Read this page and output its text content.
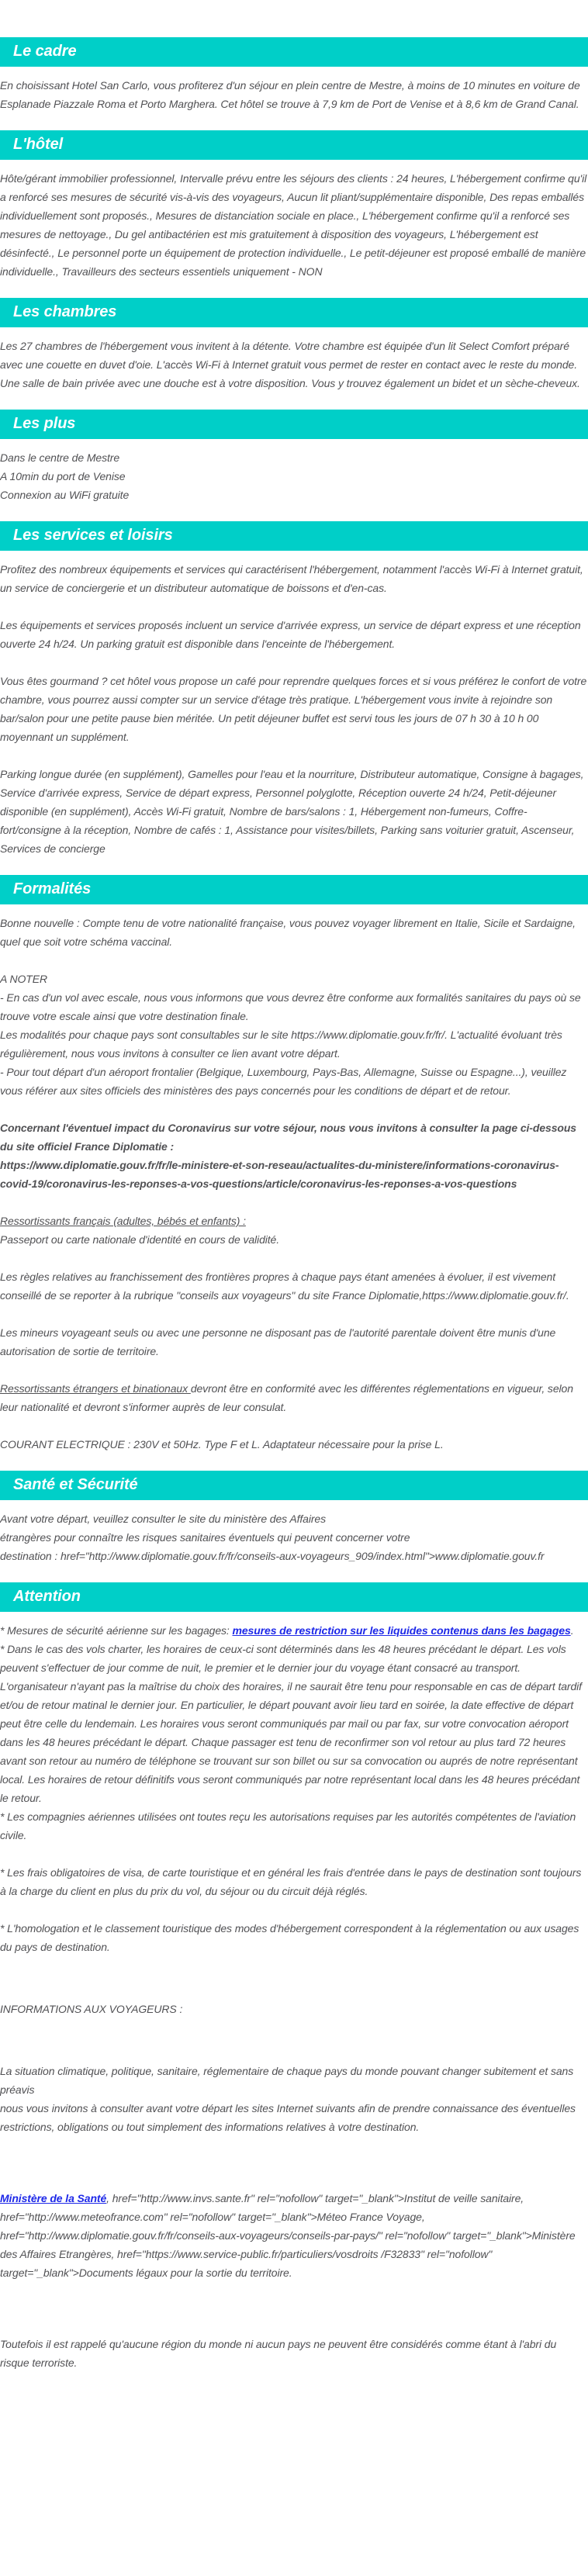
Le cadre
En choisissant Hotel San Carlo, vous profiterez d'un séjour en plein centre de Mestre, à moins de 10 minutes en voiture de Esplanade Piazzale Roma et Porto Marghera. Cet hôtel se trouve à 7,9 km de Port de Venise et à 8,6 km de Grand Canal.
L'hôtel
Hôte/gérant immobilier professionnel, Intervalle prévu entre les séjours des clients : 24 heures, L'hébergement confirme qu'il a renforcé ses mesures de sécurité vis-à-vis des voyageurs, Aucun lit pliant/supplémentaire disponible, Des repas emballés individuellement sont proposés., Mesures de distanciation sociale en place., L'hébergement confirme qu'il a renforcé ses mesures de nettoyage., Du gel antibactérien est mis gratuitement à disposition des voyageurs, L'hébergement est désinfecté., Le personnel porte un équipement de protection individuelle., Le petit-déjeuner est proposé emballé de manière individuelle., Travailleurs des secteurs essentiels uniquement - NON
Les chambres
Les 27 chambres de l'hébergement vous invitent à la détente. Votre chambre est équipée d'un lit Select Comfort préparé avec une couette en duvet d'oie. L'accès Wi-Fi à Internet gratuit vous permet de rester en contact avec le reste du monde. Une salle de bain privée avec une douche est à votre disposition. Vous y trouvez également un bidet et un sèche-cheveux.
Les plus
Dans le centre de Mestre
A 10min du port de Venise
Connexion au WiFi gratuite
Les services et loisirs
Profitez des nombreux équipements et services qui caractérisent l'hébergement, notamment l'accès Wi-Fi à Internet gratuit, un service de conciergerie et un distributeur automatique de boissons et d'en-cas.
Les équipements et services proposés incluent un service d'arrivée express, un service de départ express et une réception ouverte 24 h/24. Un parking gratuit est disponible dans l'enceinte de l'hébergement.
Vous êtes gourmand ? cet hôtel vous propose un café pour reprendre quelques forces et si vous préférez le confort de votre chambre, vous pourrez aussi compter sur un service d'étage très pratique. L'hébergement vous invite à rejoindre son bar/salon pour une petite pause bien méritée. Un petit déjeuner buffet est servi tous les jours de 07 h 30 à 10 h 00 moyennant un supplément.
Parking longue durée (en supplément), Gamelles pour l'eau et la nourriture, Distributeur automatique, Consigne à bagages, Service d'arrivée express, Service de départ express, Personnel polyglotte, Réception ouverte 24 h/24, Petit-déjeuner disponible (en supplément), Accès Wi-Fi gratuit, Nombre de bars/salons : 1, Hébergement non-fumeurs, Coffre-fort/consigne à la réception, Nombre de cafés : 1, Assistance pour visites/billets, Parking sans voiturier gratuit, Ascenseur, Services de concierge
Formalités
Bonne nouvelle : Compte tenu de votre nationalité française, vous pouvez voyager librement en Italie, Sicile et Sardaigne, quel que soit votre schéma vaccinal.
A NOTER
- En cas d'un vol avec escale, nous vous informons que vous devrez être conforme aux formalités sanitaires du pays où se trouve votre escale ainsi que votre destination finale.
Les modalités pour chaque pays sont consultables sur le site https://www.diplomatie.gouv.fr/fr/. L'actualité évoluant très régulièrement, nous vous invitons à consulter ce lien avant votre départ.
- Pour tout départ d'un aéroport frontalier (Belgique, Luxembourg, Pays-Bas, Allemagne, Suisse ou Espagne...), veuillez vous référer aux sites officiels des ministères des pays concernés pour les conditions de départ et de retour.
Concernant l'éventuel impact du Coronavirus sur votre séjour, nous vous invitons à consulter la page ci-dessous du site officiel France Diplomatie :
https://www.diplomatie.gouv.fr/fr/le-ministere-et-son-reseau/actualites-du-ministere/informations-coronavirus-covid-19/coronavirus-les-reponses-a-vos-questions/article/coronavirus-les-reponses-a-vos-questions
Ressortissants français (adultes, bébés et enfants) :
Passeport ou carte nationale d'identité en cours de validité.
Les règles relatives au franchissement des frontières propres à chaque pays étant amenées à évoluer, il est vivement conseillé de se reporter à la rubrique "conseils aux voyageurs" du site France Diplomatie,https://www.diplomatie.gouv.fr/.
Les mineurs voyageant seuls ou avec une personne ne disposant pas de l'autorité parentale doivent être munis d'une autorisation de sortie de territoire.
Ressortissants étrangers et binationaux devront être en conformité avec les différentes réglementations en vigueur, selon leur nationalité et devront s'informer auprès de leur consulat.
COURANT ELECTRIQUE : 230V et 50Hz. Type F et L. Adaptateur nécessaire pour la prise L.
Santé et Sécurité
Avant votre départ, veuillez consulter le site du ministère des Affaires
étrangères pour connaître les risques sanitaires éventuels qui peuvent concerner votre
destination : href="http://www.diplomatie.gouv.fr/fr/conseils-aux-voyageurs_909/index.html">www.diplomatie.gouv.fr
Attention
* Mesures de sécurité aérienne sur les bagages: mesures de restriction sur les liquides contenus dans les bagages.
* Dans le cas des vols charter, les horaires de ceux-ci sont déterminés dans les 48 heures précédant le départ. Les vols peuvent s'effectuer de jour comme de nuit, le premier et le dernier jour du voyage étant consacré au transport. L'organisateur n'ayant pas la maîtrise du choix des horaires, il ne saurait être tenu pour responsable en cas de départ tardif et/ou de retour matinal le dernier jour. En particulier, le départ pouvant avoir lieu tard en soirée, la date effective de départ peut être celle du lendemain. Les horaires vous seront communiqués par mail ou par fax, sur votre convocation aéroport dans les 48 heures précédant le départ. Chaque passager est tenu de reconfirmer son vol retour au plus tard 72 heures avant son retour au numéro de téléphone se trouvant sur son billet ou sur sa convocation ou auprés de notre représentant local. Les horaires de retour définitifs vous seront communiqués par notre représentant local dans les 48 heures précédant le retour.
* Les compagnies aériennes utilisées ont toutes reçu les autorisations requises par les autorités compétentes de l'aviation civile.
* Les frais obligatoires de visa, de carte touristique et en général les frais d'entrée dans le pays de destination sont toujours à la charge du client en plus du prix du vol, du séjour ou du circuit déjà réglés.
* L'homologation et le classement touristique des modes d'hébergement correspondent à la réglementation ou aux usages du pays de destination.
INFORMATIONS AUX VOYAGEURS :
La situation climatique, politique, sanitaire, réglementaire de chaque pays du monde pouvant changer subitement et sans préavis
nous vous invitons à consulter avant votre départ les sites Internet suivants afin de prendre connaissance des éventuelles restrictions, obligations ou tout simplement des informations relatives à votre destination.
Ministère de la Santé, href="http://www.invs.sante.fr" rel="nofollow" target="_blank">Institut de veille sanitaire, href="http://www.meteofrance.com" rel="nofollow" target="_blank">Méteo France Voyage, href="http://www.diplomatie.gouv.fr/fr/conseils-aux-voyageurs/conseils-par-pays/" rel="nofollow" target="_blank">Ministère des Affaires Etrangères, href="https://www.service-public.fr/particuliers/vosdroits /F32833" rel="nofollow" target="_blank">Documents légaux pour la sortie du territoire.
Toutefois il est rappelé qu'aucune région du monde ni aucun pays ne peuvent être considérés comme étant à l'abri du risque terroriste.
